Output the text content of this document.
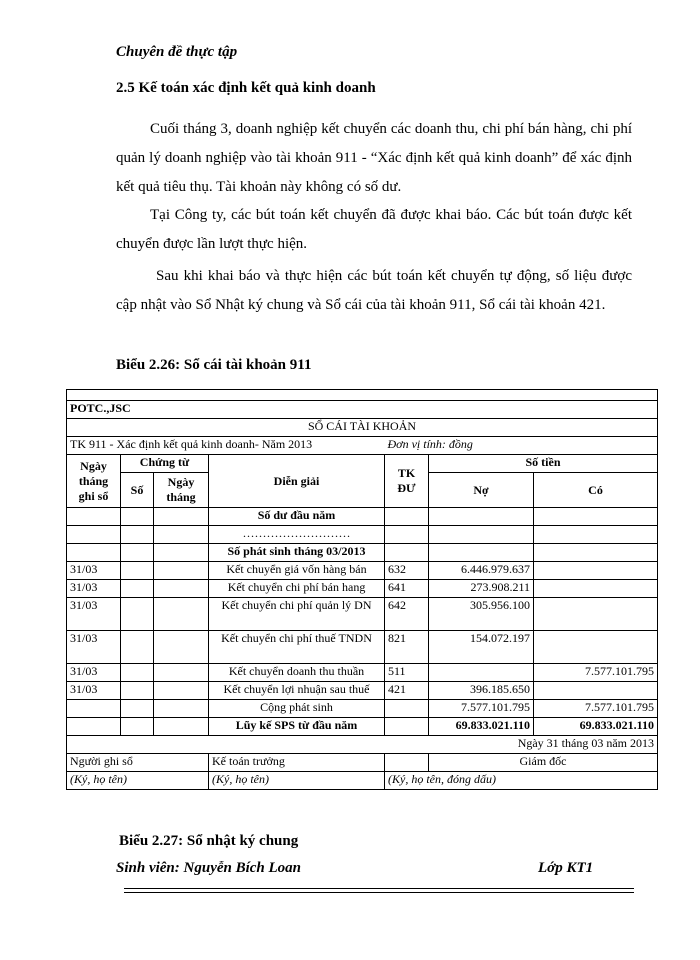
Chuyên đề thực tập
2.5 Kế toán xác định kết quả kinh doanh

Cuối tháng 3, doanh nghiệp kết chuyển các doanh thu, chi phí bán hàng, chi phí quản lý doanh nghiệp vào tài khoản 911 - “Xác định kết quả kinh doanh” để xác định kết quả tiêu thụ. Tài khoản này không có số dư.

Tại Công ty, các bút toán kết chuyển đã được khai báo. Các bút toán được kết chuyển được lần lượt thực hiện.

Sau khi khai báo và thực hiện các bút toán kết chuyển tự động, số liệu được cập nhật vào Sổ Nhật ký chung và Sổ cái của tài khoản 911, Sổ cái tài khoản 421.

Biểu 2.26: Sổ cái tài khoản 911

POTC.,JSC						
SỔ CÁI TÀI KHOẢN						
TK 911 - Xác định kết quả kinh doanh- Năm 2013				Đơn vị tính: đồng		
Ngày tháng ghi sổ	Chứng từ		Diễn giải	TK ĐƯ	Số tiền	
	Số	Ngày tháng			Nợ	Có
			Số dư đầu năm			
			………………………			
			Số phát sinh tháng 03/2013			
31/03			Kết chuyển giá vốn hàng bán	632	6.446.979.637	
31/03			Kết chuyển chi phí bán hang	641	273.908.211	
31/03			Kết chuyển chi phí quản lý DN	642	305.956.100	
31/03			Kết chuyển chi phí thuế TNDN	821	154.072.197	
31/03			Kết chuyển doanh thu thuần	511		7.577.101.795
31/03			Kết chuyển lợi nhuận sau thuế	421	396.185.650	
			Cộng phát sinh		7.577.101.795	7.577.101.795
			Lũy kế SPS từ đầu năm		69.833.021.110	69.833.021.110
Ngày 31 tháng 03 năm 2013						
Người ghi sổ			Kế toán trưởng		Giám đốc	
(Ký, họ tên)			(Ký, họ tên)	(Ký, họ tên, đóng dấu)		
Biểu 2.27: Sổ nhật ký chung
Sinh viên: Nguyễn Bích Loan	Lớp KT1
